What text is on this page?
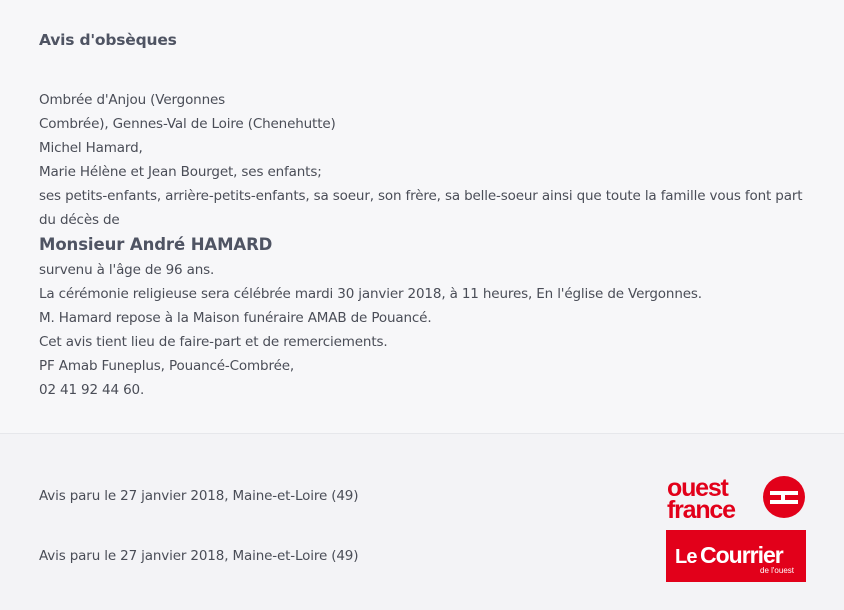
Avis d'obsèques
Ombrée d'Anjou (Vergonnes
Combrée), Gennes-Val de Loire (Chenehutte)
Michel Hamard,
Marie Hélène et Jean Bourget, ses enfants;
ses petits-enfants, arrière-petits-enfants, sa soeur, son frère, sa belle-soeur ainsi que toute la famille vous font part
du décès de
Monsieur André HAMARD
survenu à l'âge de 96 ans.
La cérémonie religieuse sera célébrée mardi 30 janvier 2018, à 11 heures, En l'église de Vergonnes.
M. Hamard repose à la Maison funéraire AMAB de Pouancé.
Cet avis tient lieu de faire-part et de remerciements.
PF Amab Funeplus, Pouancé-Combrée,
02 41 92 44 60.
Avis paru le 27 janvier 2018, Maine-et-Loire (49)
Avis paru le 27 janvier 2018, Maine-et-Loire (49)
ouest
france
Le Courrier
de l'ouest
